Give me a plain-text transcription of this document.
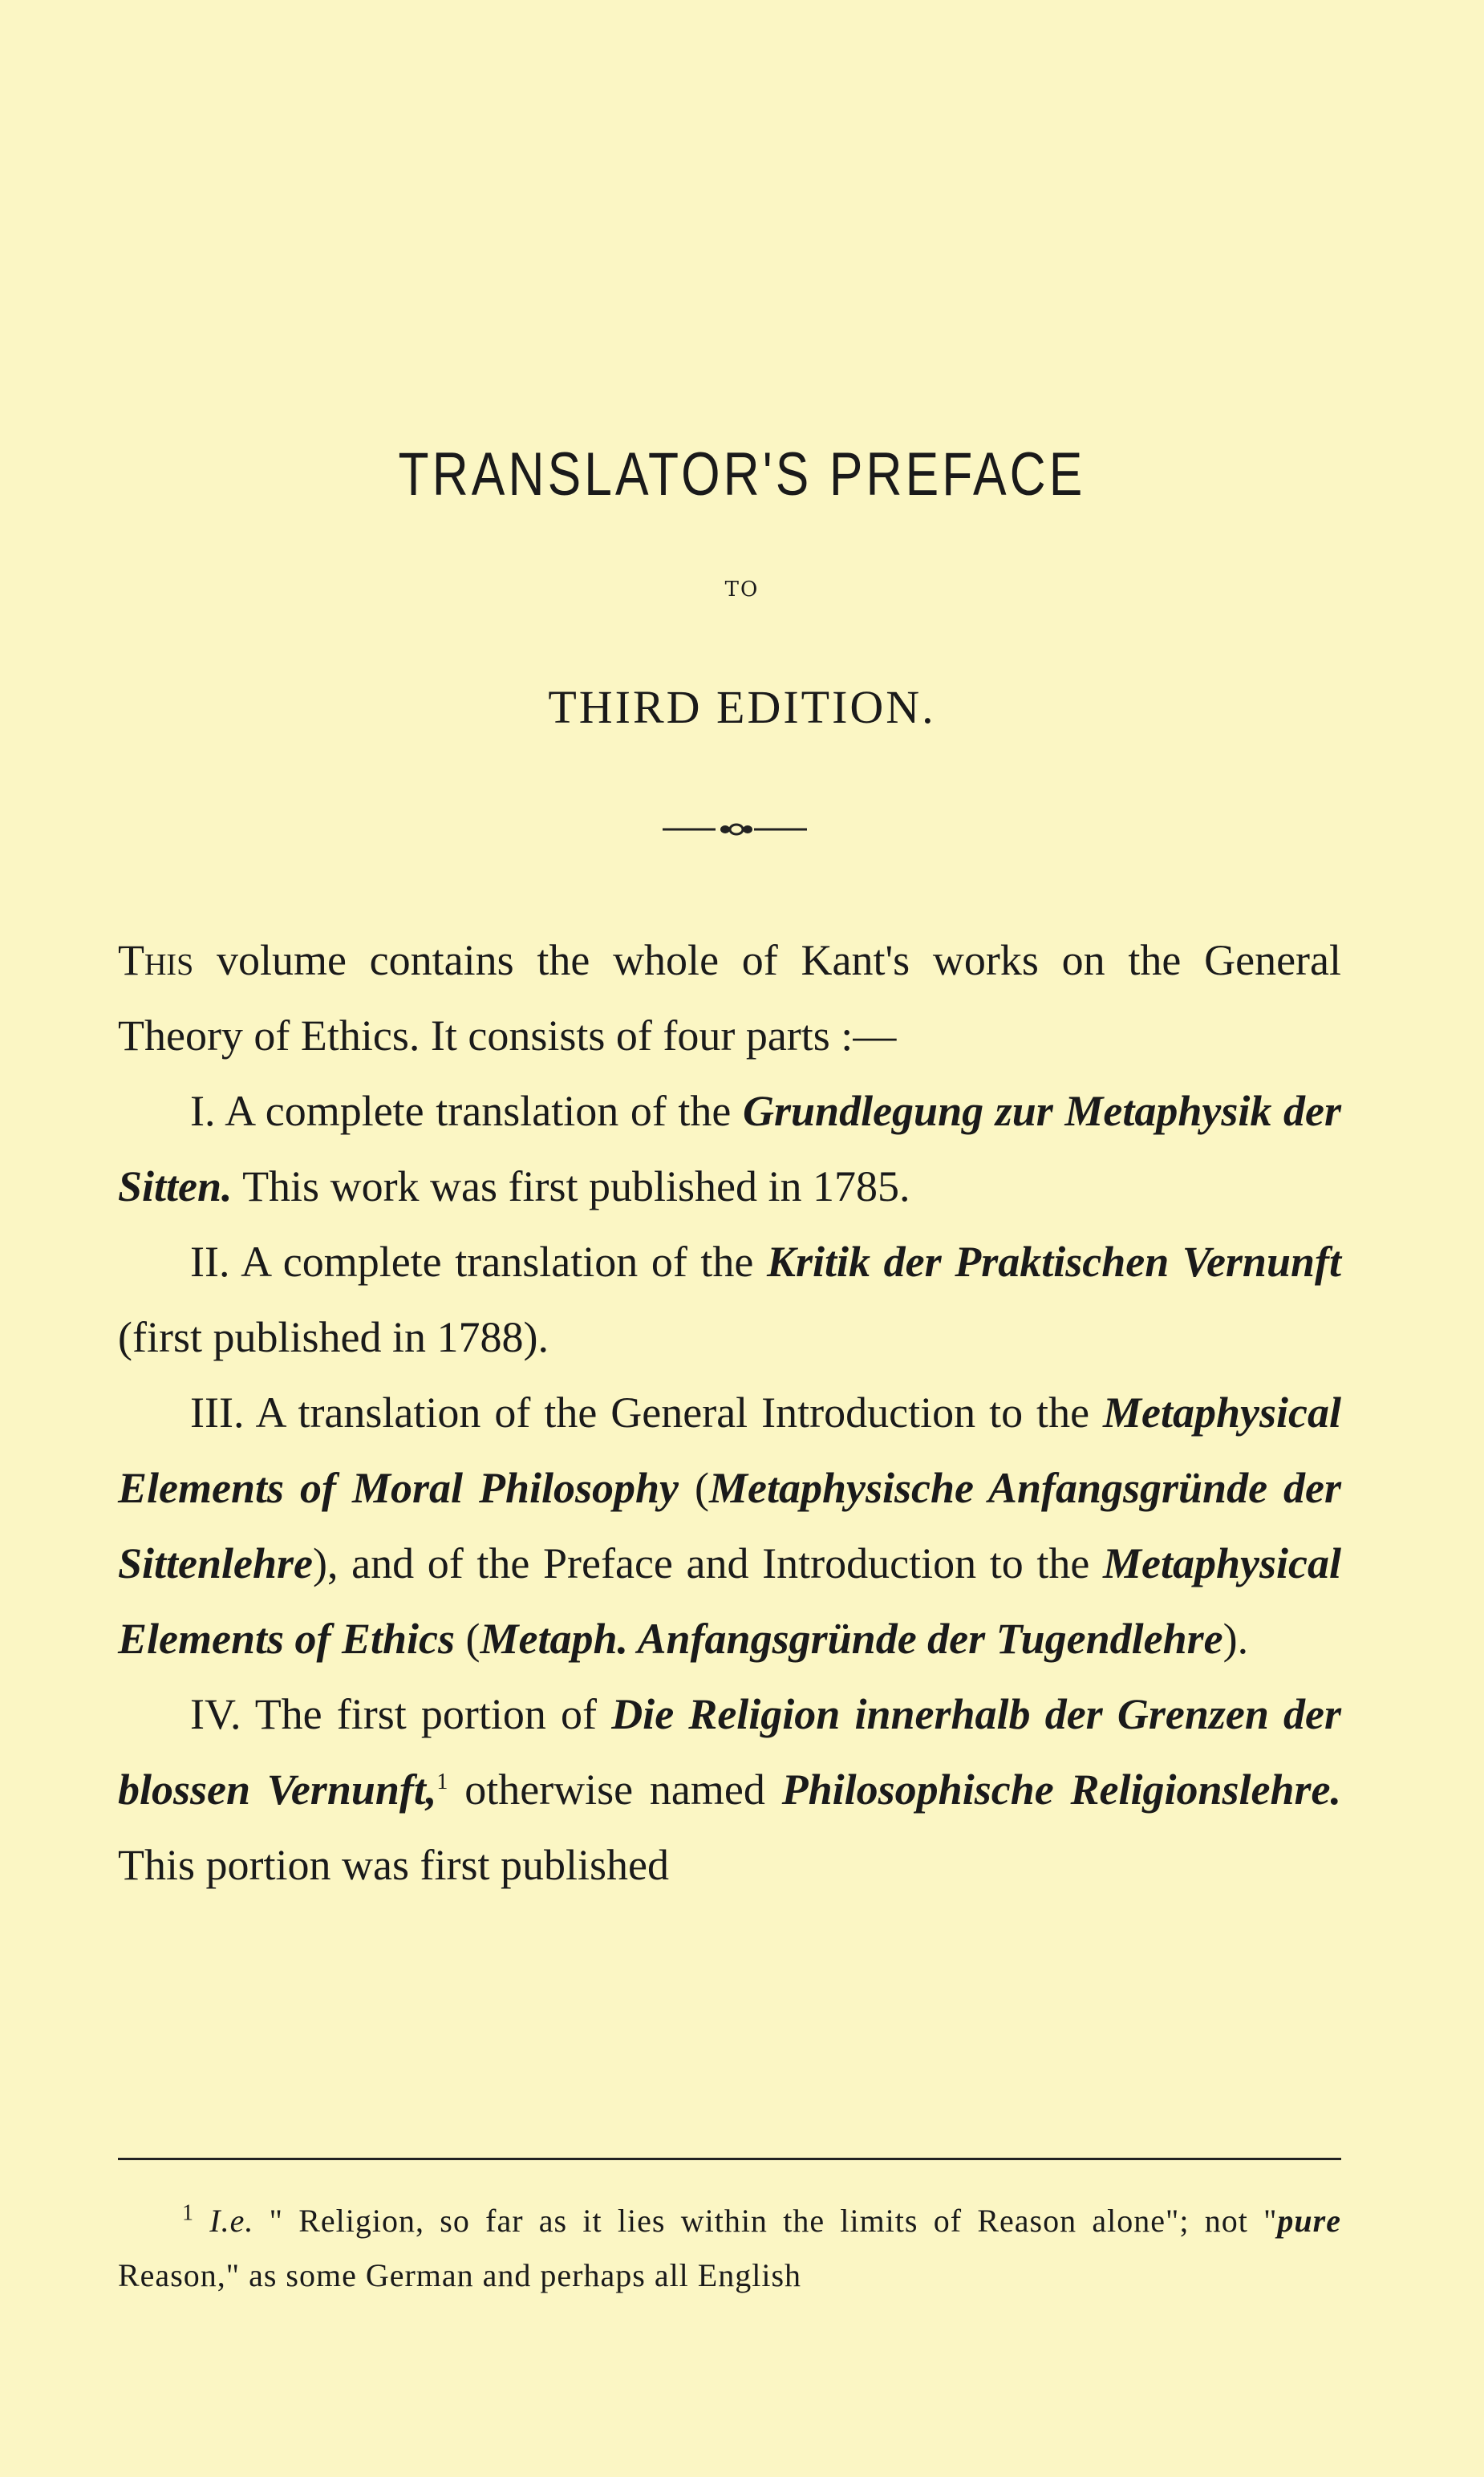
TRANSLATOR'S PREFACE
TO
THIRD EDITION.

This volume contains the whole of Kant's works on the General Theory of Ethics. It consists of four parts :—

I. A complete translation of the Grundlegung zur Metaphysik der Sitten. This work was first published in 1785.

II. A complete translation of the Kritik der Praktischen Vernunft (first published in 1788).

III. A translation of the General Introduction to the Metaphysical Elements of Moral Philosophy (Metaphysische Anfangsgründe der Sittenlehre), and of the Preface and Introduction to the Metaphysical Elements of Ethics (Metaph. Anfangsgründe der Tugendlehre).

IV. The first portion of Die Religion innerhalb der Grenzen der blossen Vernunft,$^1$ otherwise named Philosophische Religionslehre. This portion was first published

$^1$ I.e. " Religion, so far as it lies within the limits of Reason alone"; not "pure Reason," as some German and perhaps all English
